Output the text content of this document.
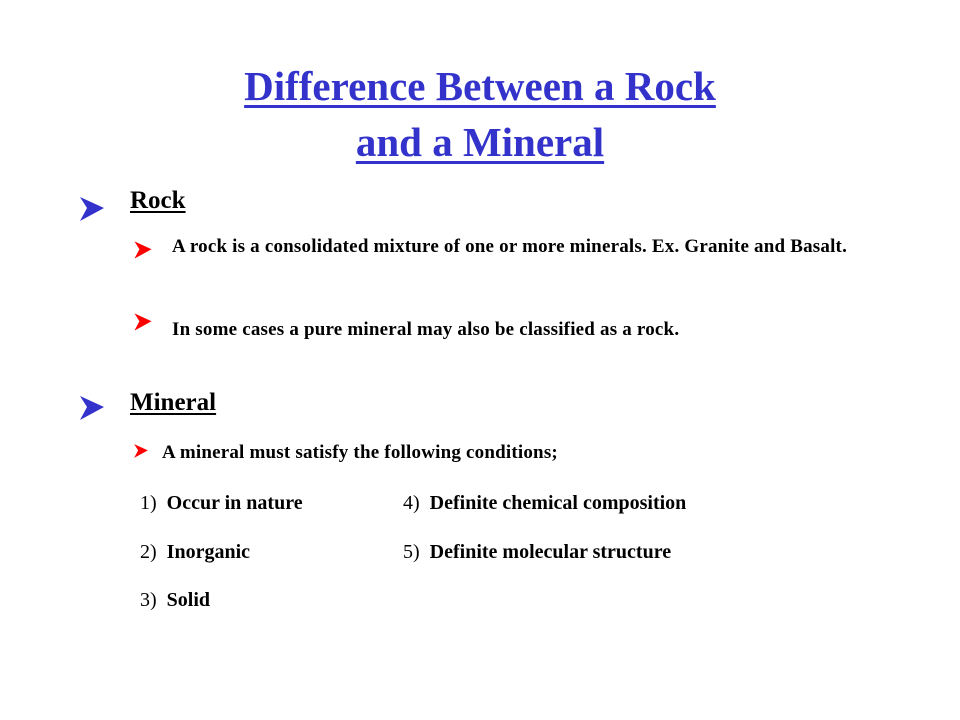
Difference Between a Rock
and a Mineral
Rock
A rock is a consolidated mixture of one or more minerals. Ex. Granite and Basalt.
In some cases a pure mineral may also be classified as a rock.
Mineral
A mineral must satisfy the following conditions;
1) Occur in nature
2) Inorganic
3) Solid
4) Definite chemical composition
5) Definite molecular structure
